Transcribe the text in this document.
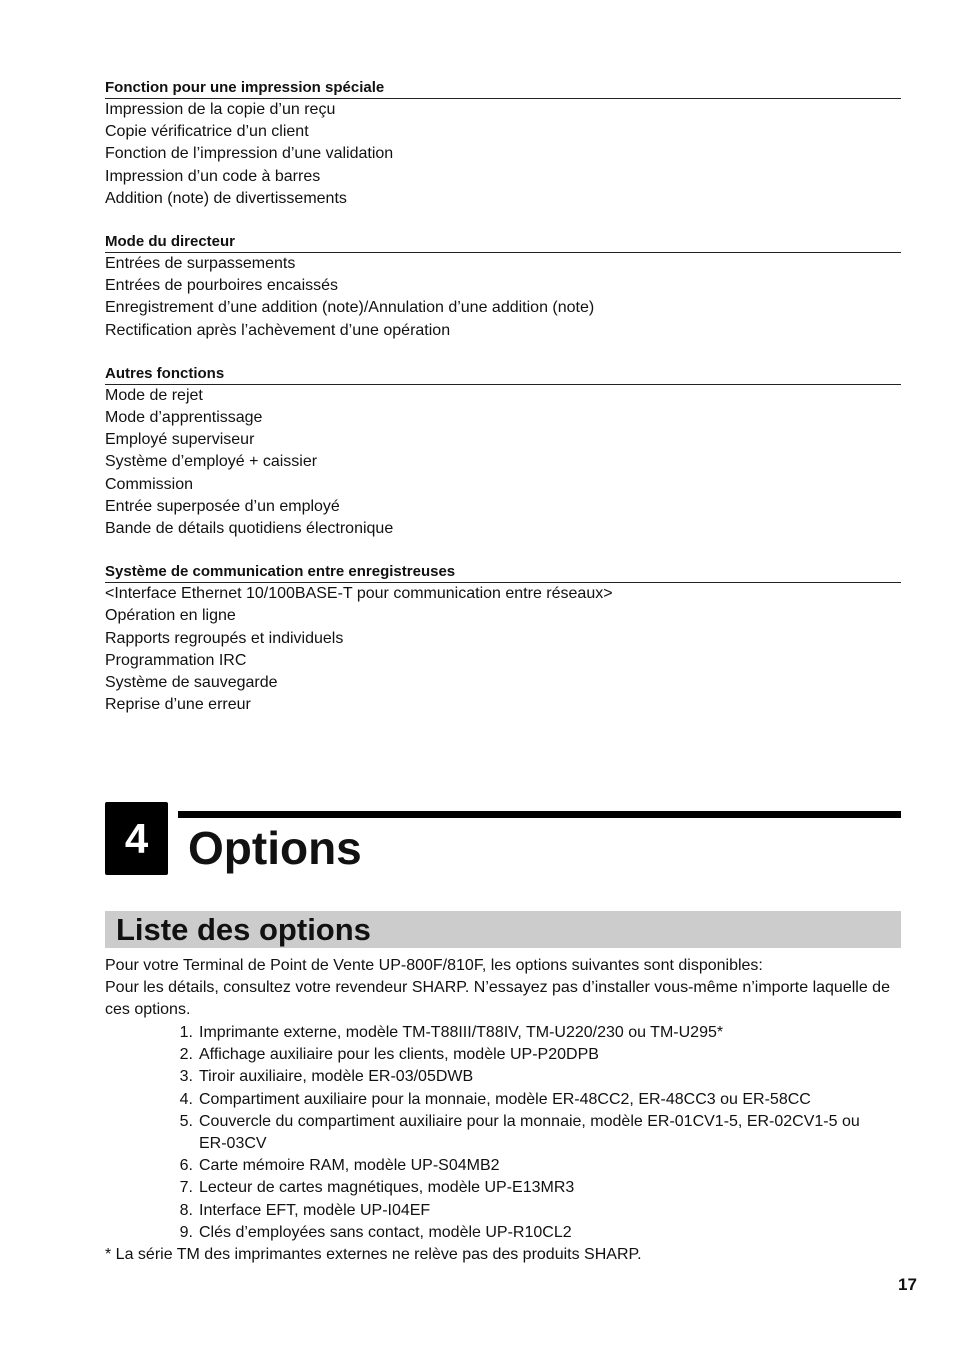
Fonction pour une impression spéciale
Impression de la copie d’un reçu
Copie vérificatrice d’un client
Fonction de l’impression d’une validation
Impression d’un code à barres
Addition (note) de divertissements
Mode du directeur
Entrées de surpassements
Entrées de pourboires encaissés
Enregistrement d’une addition (note)/Annulation d’une addition (note)
Rectification après l’achèvement d’une opération
Autres fonctions
Mode de rejet
Mode d’apprentissage
Employé superviseur
Système d’employé + caissier
Commission
Entrée superposée d’un employé
Bande de détails quotidiens électronique
Système de communication entre enregistreuses
<Interface Ethernet 10/100BASE-T pour communication entre réseaux>
Opération en ligne
Rapports regroupés et individuels
Programmation IRC
Système de sauvegarde
Reprise d’une erreur
4 Options
Liste des options
Pour votre Terminal de Point de Vente UP-800F/810F, les options suivantes sont disponibles:
Pour les détails, consultez votre revendeur SHARP. N’essayez pas d’installer vous-même n’importe laquelle de ces options.
1. Imprimante externe, modèle TM-T88III/T88IV, TM-U220/230 ou TM-U295*
2. Affichage auxiliaire pour les clients, modèle UP-P20DPB
3. Tiroir auxiliaire, modèle ER-03/05DWB
4. Compartiment auxiliaire pour la monnaie, modèle ER-48CC2, ER-48CC3 ou ER-58CC
5. Couvercle du compartiment auxiliaire pour la monnaie, modèle ER-01CV1-5, ER-02CV1-5 ou ER-03CV
6. Carte mémoire RAM, modèle UP-S04MB2
7. Lecteur de cartes magnétiques, modèle UP-E13MR3
8. Interface EFT, modèle UP-I04EF
9. Clés d’employées sans contact, modèle UP-R10CL2
* La série TM des imprimantes externes ne relève pas des produits SHARP.
17
